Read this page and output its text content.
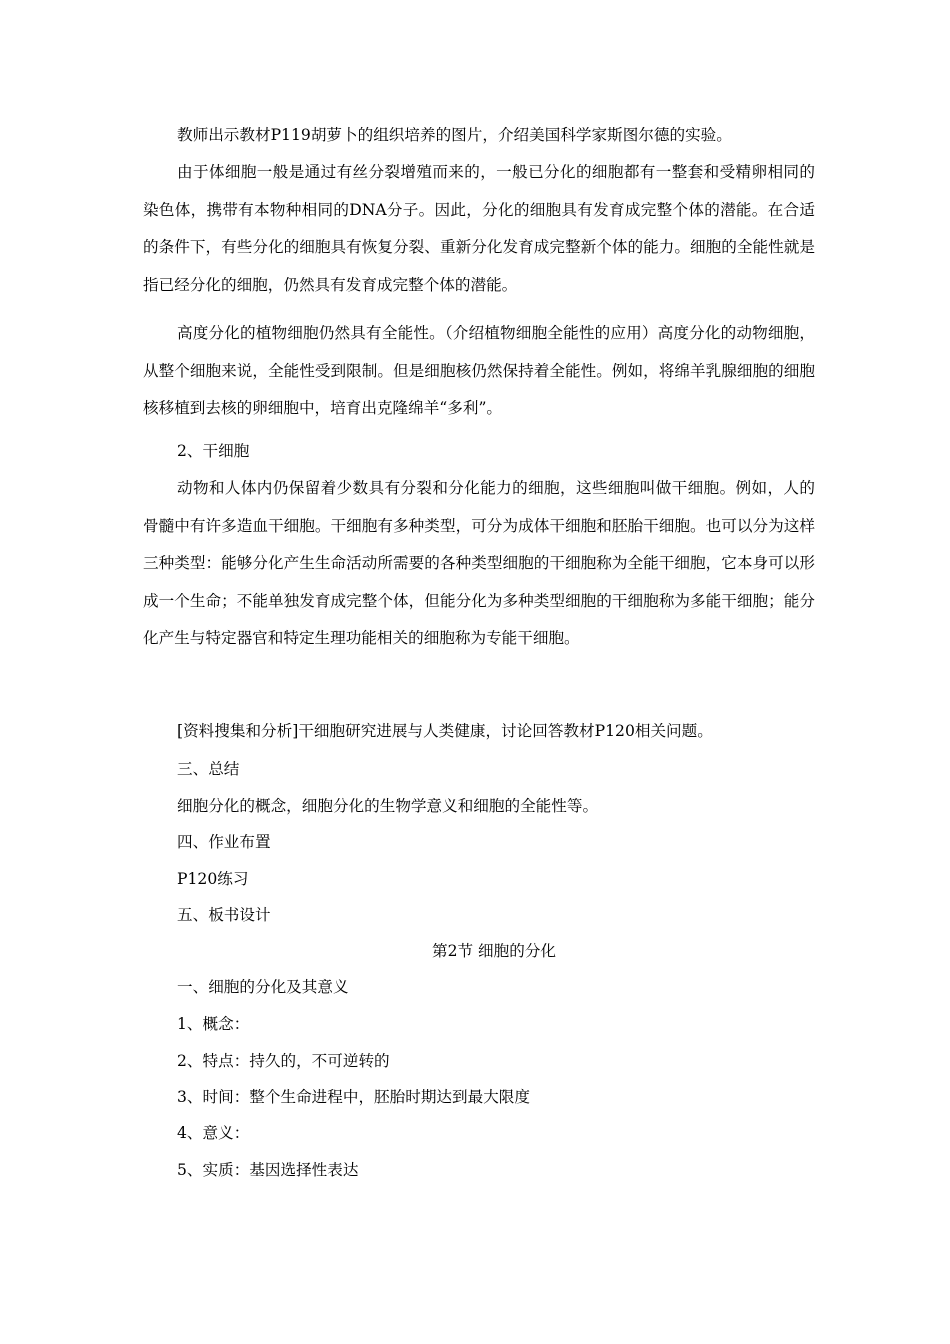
教师出示教材P119胡萝卜的组织培养的图片，介绍美国科学家斯图尔德的实验。

由于体细胞一般是通过有丝分裂增殖而来的，一般已分化的细胞都有一整套和受精卵相同的染色体，携带有本物种相同的DNA分子。因此，分化的细胞具有发育成完整个体的潜能。在合适的条件下，有些分化的细胞具有恢复分裂、重新分化发育成完整新个体的能力。细胞的全能性就是指已经分化的细胞，仍然具有发育成完整个体的潜能。

高度分化的植物细胞仍然具有全能性。（介绍植物细胞全能性的应用）高度分化的动物细胞，从整个细胞来说，全能性受到限制。但是细胞核仍然保持着全能性。例如，将绵羊乳腺细胞的细胞核移植到去核的卵细胞中，培育出克隆绵羊“多利”。

2、干细胞

动物和人体内仍保留着少数具有分裂和分化能力的细胞，这些细胞叫做干细胞。例如，人的骨髓中有许多造血干细胞。干细胞有多种类型，可分为成体干细胞和胚胎干细胞。也可以分为这样三种类型：能够分化产生生命活动所需要的各种类型细胞的干细胞称为全能干细胞，它本身可以形成一个生命；不能单独发育成完整个体，但能分化为多种类型细胞的干细胞称为多能干细胞；能分化产生与特定器官和特定生理功能相关的细胞称为专能干细胞。

[资料搜集和分析]干细胞研究进展与人类健康，讨论回答教材P120相关问题。

三、总结

细胞分化的概念，细胞分化的生物学意义和细胞的全能性等。

四、作业布置

P120练习

五、板书设计

第2节 细胞的分化

一、细胞的分化及其意义

1、概念：

2、特点：持久的，不可逆转的

3、时间：整个生命进程中，胚胎时期达到最大限度

4、意义：

5、实质：基因选择性表达
